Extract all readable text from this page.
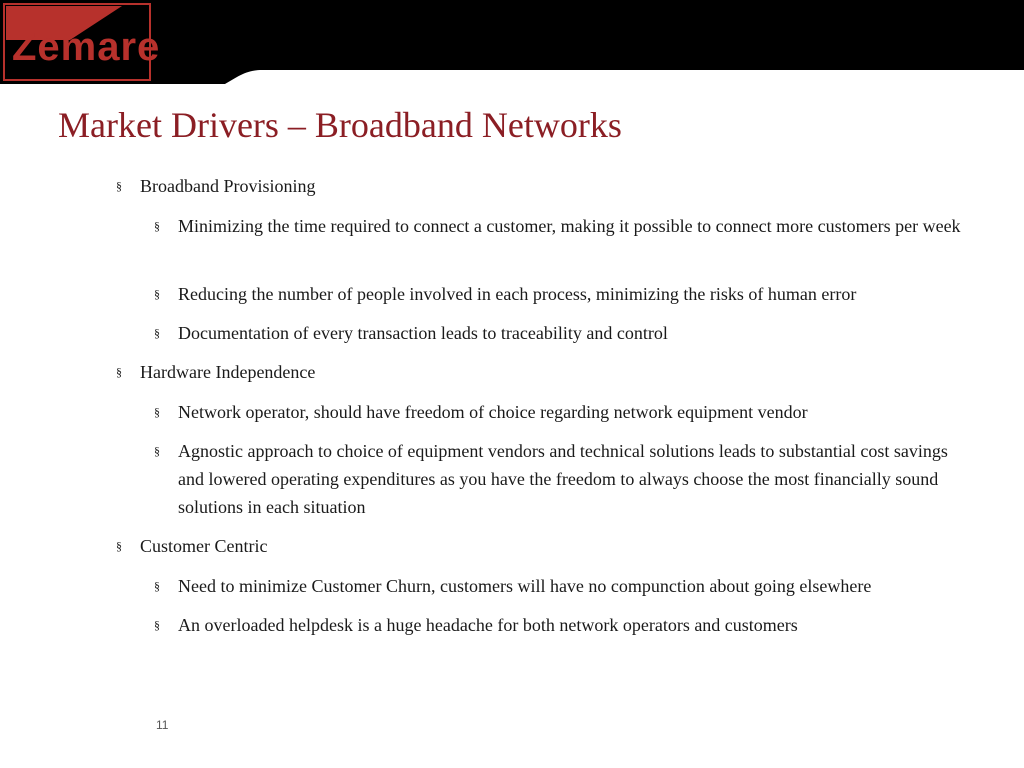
Zemare
Market Drivers – Broadband Networks
§ Broadband Provisioning
§ Minimizing the time required to connect a customer, making it possible to connect more customers per week
§ Reducing the number of people involved in each process, minimizing the risks of human error
§ Documentation of every transaction leads to traceability and control
§ Hardware Independence
§ Network operator, should have freedom of choice regarding network equipment vendor
§ Agnostic approach to choice of equipment vendors and technical solutions leads to substantial cost savings and lowered operating expenditures as you have the freedom to always choose the most financially sound solutions in each situation
§ Customer Centric
§ Need to minimize Customer Churn, customers will have no compunction about going elsewhere
§ An overloaded helpdesk is a huge headache for both network operators and customers
11
